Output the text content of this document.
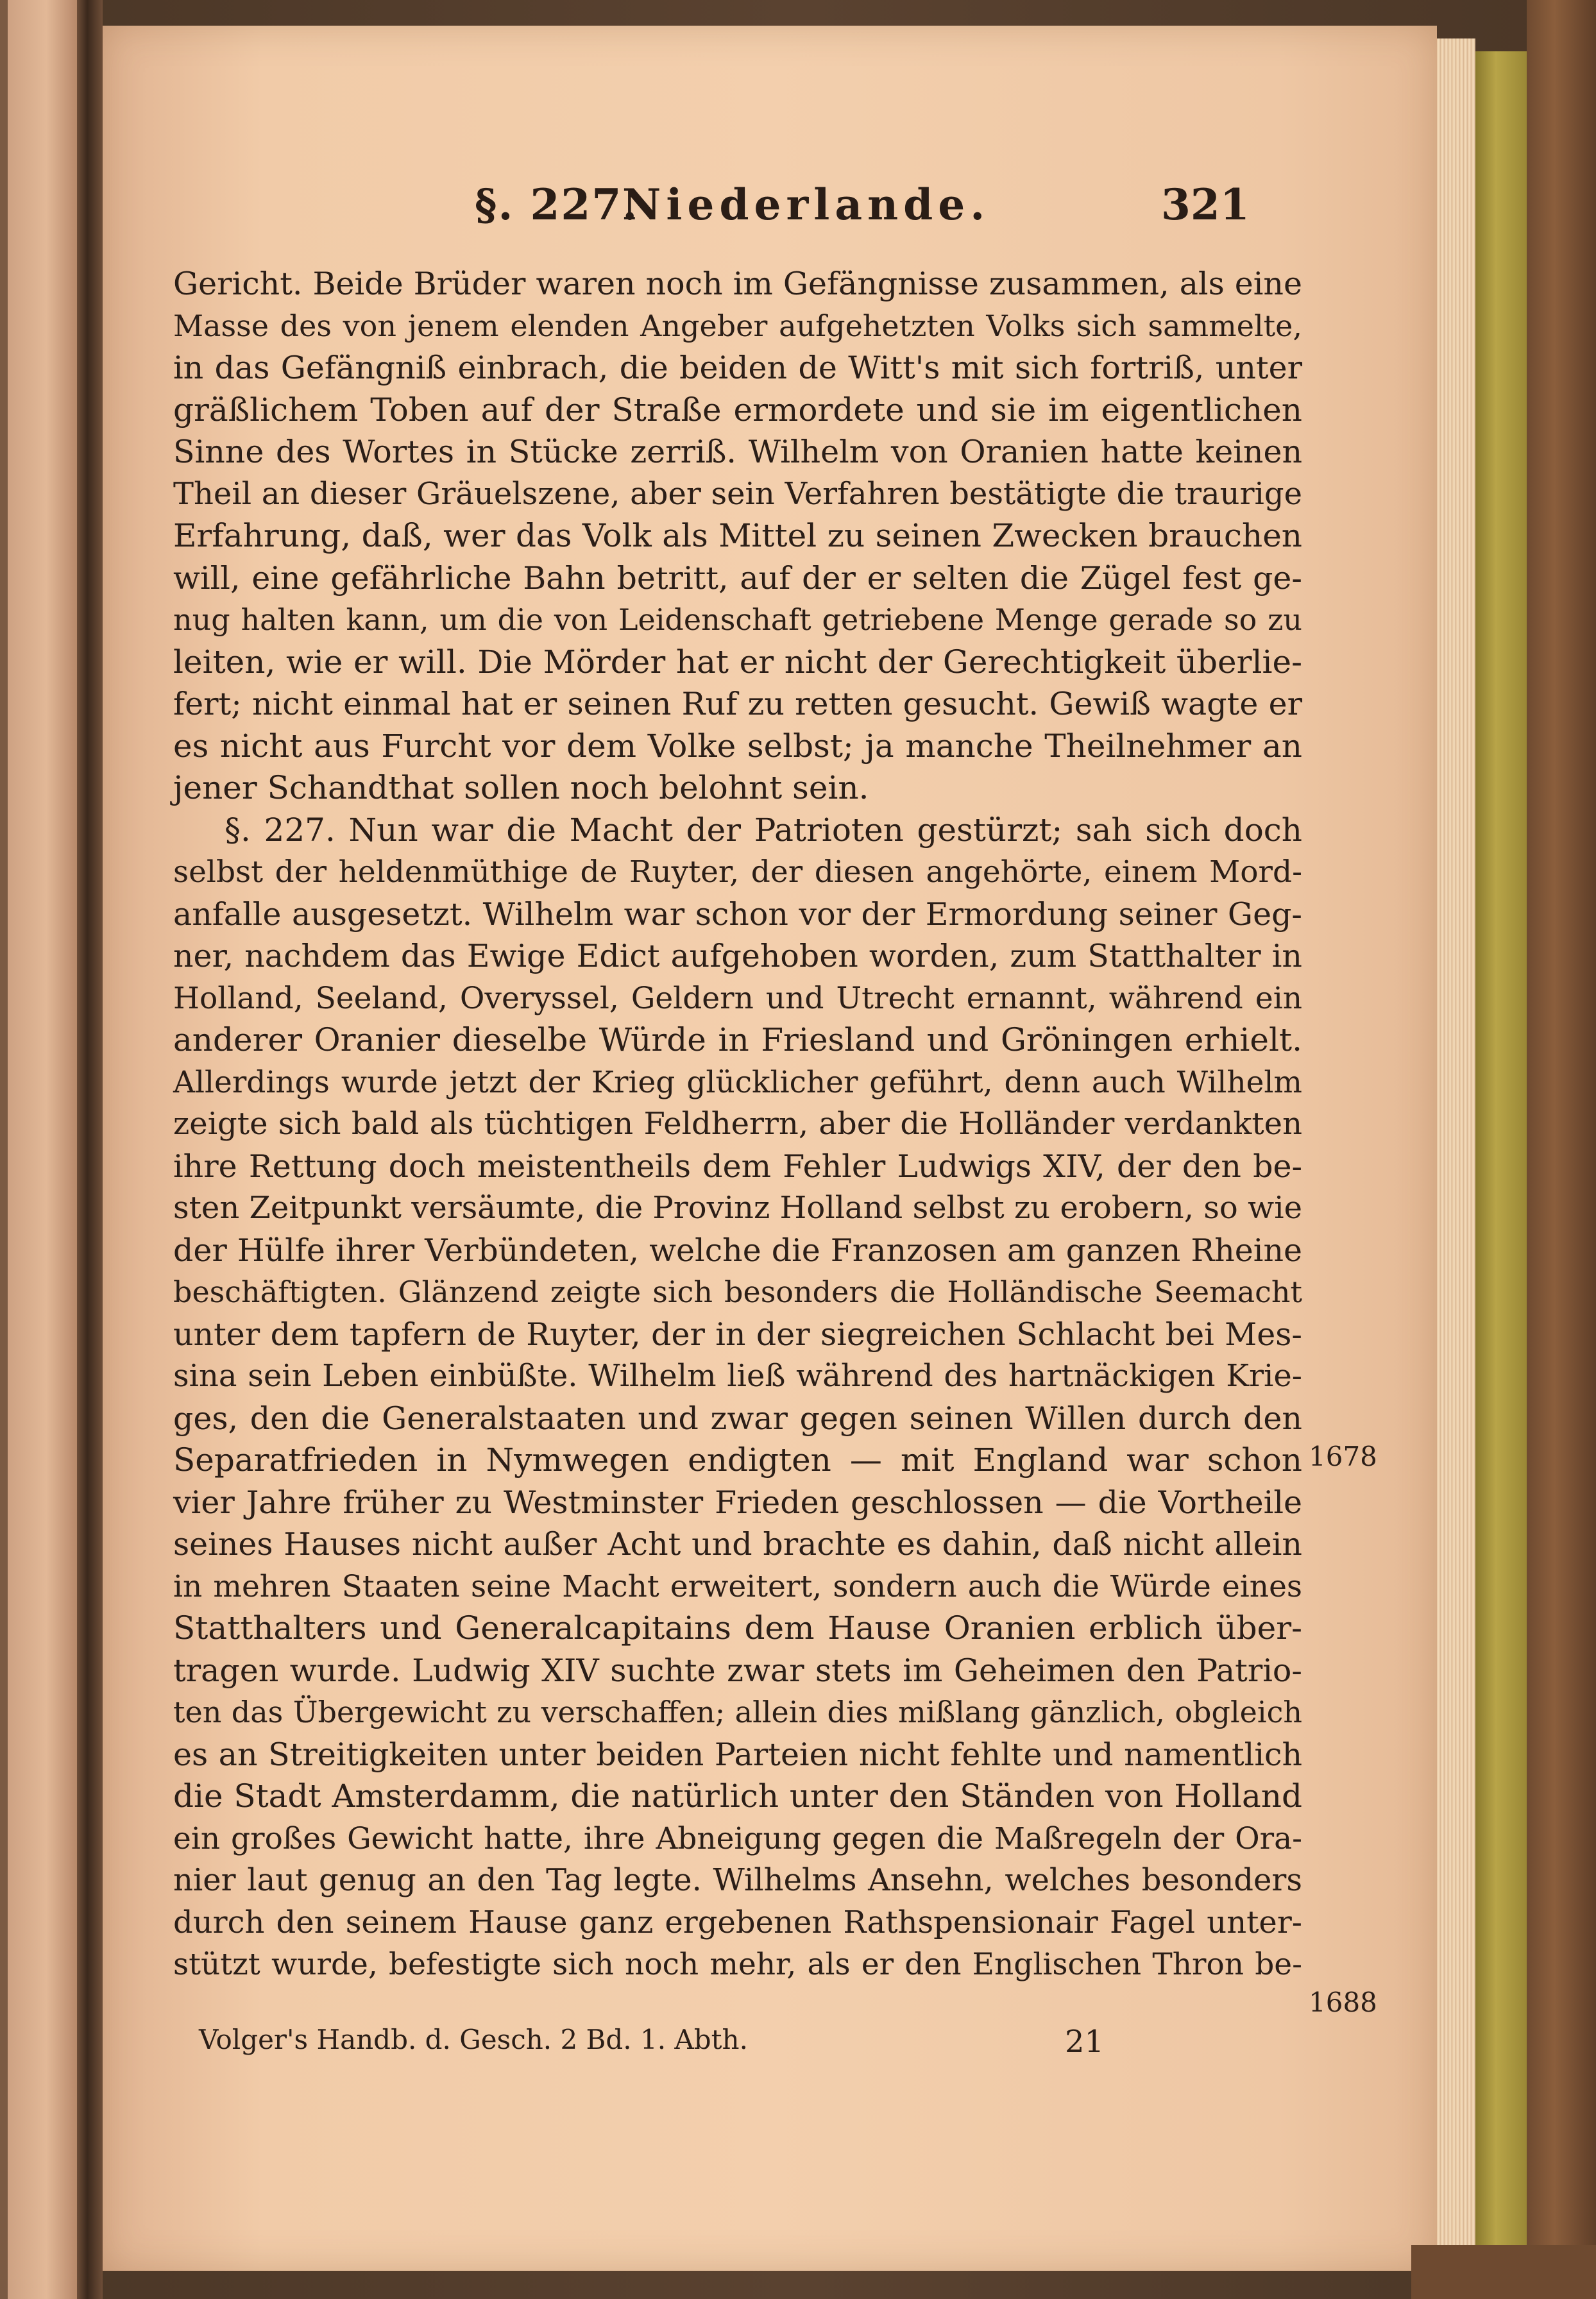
§. 227.
Niederlande.	321
Gericht. Beide Brüder waren noch im Gefängnisse zusammen, als eine
Masse des von jenem elenden Angeber aufgehetzten Volks sich sammelte,
in das Gefängniß einbrach, die beiden de Witt's mit sich fortriß, unter
gräßlichem Toben auf der Straße ermordete und sie im eigentlichen
Sinne des Wortes in Stücke zerriß. Wilhelm von Oranien hatte keinen
Theil an dieser Gräuelszene, aber sein Verfahren bestätigte die traurige
Erfahrung, daß, wer das Volk als Mittel zu seinen Zwecken brauchen
will, eine gefährliche Bahn betritt, auf der er selten die Zügel fest ge-
nug halten kann, um die von Leidenschaft getriebene Menge gerade so zu
leiten, wie er will. Die Mörder hat er nicht der Gerechtigkeit überlie-
fert; nicht einmal hat er seinen Ruf zu retten gesucht. Gewiß wagte er
es nicht aus Furcht vor dem Volke selbst; ja manche Theilnehmer an
jener Schandthat sollen noch belohnt sein.
§. 227. Nun war die Macht der Patrioten gestürzt; sah sich doch
selbst der heldenmüthige de Ruyter, der diesen angehörte, einem Mord-
anfalle ausgesetzt. Wilhelm war schon vor der Ermordung seiner Geg-
ner, nachdem das Ewige Edict aufgehoben worden, zum Statthalter in
Holland, Seeland, Overyssel, Geldern und Utrecht ernannt, während ein
anderer Oranier dieselbe Würde in Friesland und Gröningen erhielt.
Allerdings wurde jetzt der Krieg glücklicher geführt, denn auch Wilhelm
zeigte sich bald als tüchtigen Feldherrn, aber die Holländer verdankten
ihre Rettung doch meistentheils dem Fehler Ludwigs XIV, der den be-
sten Zeitpunkt versäumte, die Provinz Holland selbst zu erobern, so wie
der Hülfe ihrer Verbündeten, welche die Franzosen am ganzen Rheine
beschäftigten. Glänzend zeigte sich besonders die Holländische Seemacht
unter dem tapfern de Ruyter, der in der siegreichen Schlacht bei Mes-
sina sein Leben einbüßte. Wilhelm ließ während des hartnäckigen Krie-
ges, den die Generalstaaten und zwar gegen seinen Willen durch den
Separatfrieden in Nymwegen endigten — mit England war schon
vier Jahre früher zu Westminster Frieden geschlossen — die Vortheile
seines Hauses nicht außer Acht und brachte es dahin, daß nicht allein
in mehren Staaten seine Macht erweitert, sondern auch die Würde eines
Statthalters und Generalcapitains dem Hause Oranien erblich über-
tragen wurde. Ludwig XIV suchte zwar stets im Geheimen den Patrio-
ten das Übergewicht zu verschaffen; allein dies mißlang gänzlich, obgleich
es an Streitigkeiten unter beiden Parteien nicht fehlte und namentlich
die Stadt Amsterdamm, die natürlich unter den Ständen von Holland
ein großes Gewicht hatte, ihre Abneigung gegen die Maßregeln der Ora-
nier laut genug an den Tag legte. Wilhelms Ansehn, welches besonders
durch den seinem Hause ganz ergebenen Rathspensionair Fagel unter-
stützt wurde, befestigte sich noch mehr, als er den Englischen Thron be-
1678
1688
Volger's Handb. d. Gesch. 2 Bd. 1. Abth.	21
